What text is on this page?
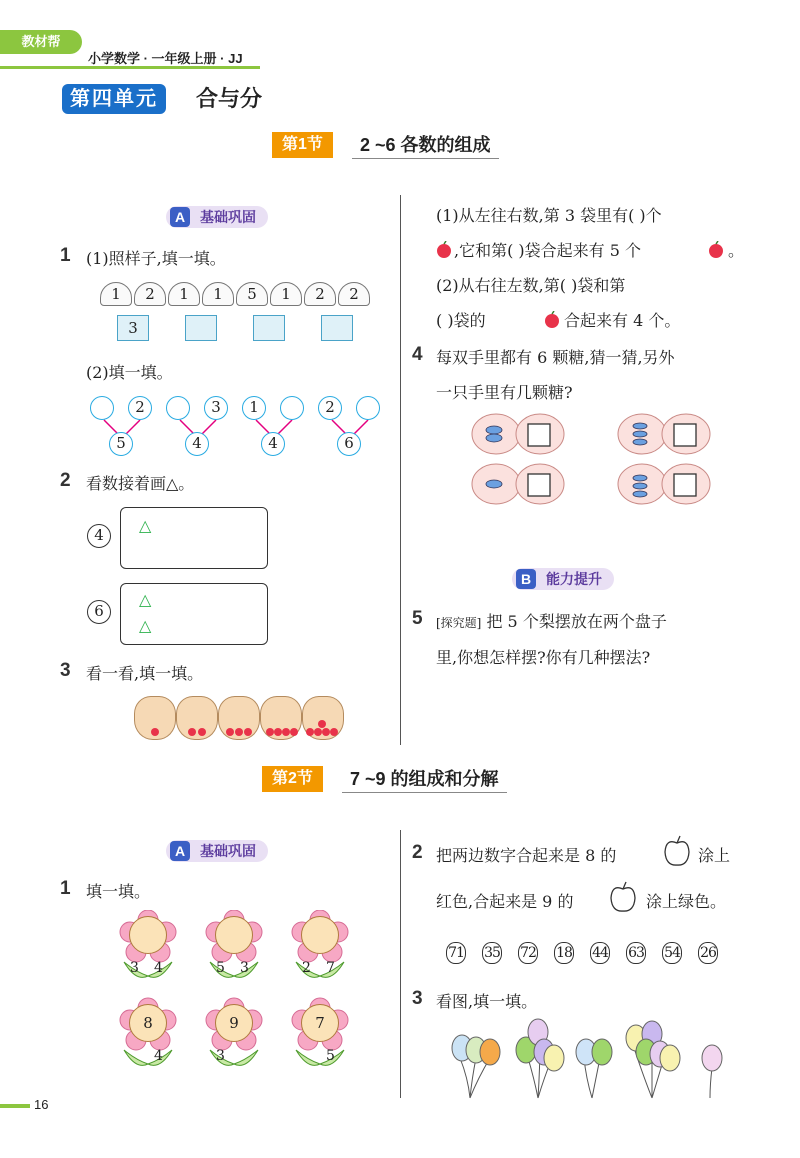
教材帮
小学数学 · 一年级上册 · JJ
第四单元	合与分
第1节	2 ~6 各数的组成
A	基础巩固
1 (1)照样子,填一填。
1	2
3
1	1	5	1	2	2
(2)填一填。
2
5
3
4
1
4
2
6
2 看数接着画△。
4	△
6
△
△
3 看一看,填一填。
(1)从左往右数,第 3 袋里有( )个
,它和第( )袋合起来有 5 个	。
(2)从右往左数,第( )袋和第
( )袋的	合起来有 4 个。
4 每双手里都有 6 颗糖,猜一猜,另外
一只手里有几颗糖?
B	能力提升
5 [探究题] 把 5 个梨摆放在两个盘子
里,你想怎样摆?你有几种摆法?
第2节	7 ~9 的组成和分解
A	基础巩固
1 填一填。
3 4	5 3	2 7
8
4
9
3
7
5
2 把两边数字合起来是 8 的	涂上
红色,合起来是 9 的	涂上绿色。
71 35 72 18 44 63 54 26
3 看图,填一填。
16
